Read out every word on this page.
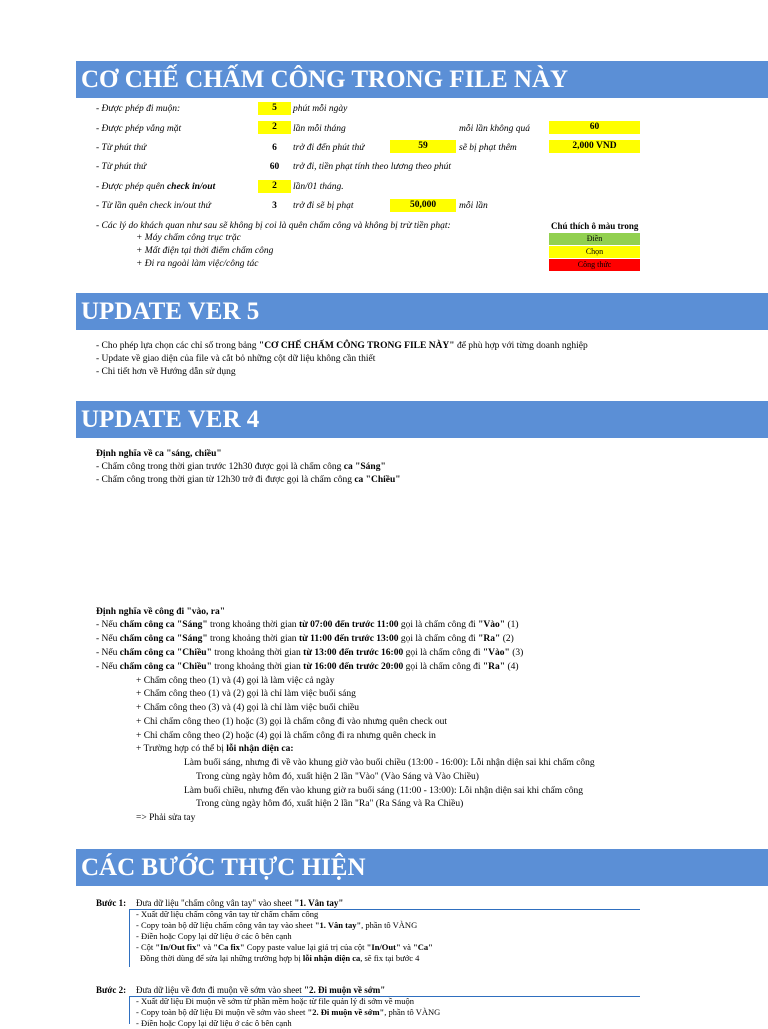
CƠ CHẾ CHẤM CÔNG TRONG FILE NÀY
- Được phép đi muộn:	5	phút mỗi ngày
- Được phép vắng mặt	2	lần mỗi tháng	mỗi lần không quá	60
- Từ phút thứ	6	trở đi đến phút thứ	59	sẽ bị phạt thêm	2,000 VND
- Từ phút thứ	60	trở đi, tiền phạt tính theo lương theo phút
- Được phép quên check in/out	2	lần/01 tháng.
- Từ lần quên check in/out thứ	3	trở đi sẽ bị phạt	50,000	mỗi lần
- Các lý do khách quan như sau sẽ không bị coi là quên chấm công và không bị trừ tiền phạt:
+ Máy chấm công trục trặc
+ Mất điện tại thời điểm chấm công
+ Đi ra ngoài làm việc/công tác
Chú thích ô màu trong
Điền
Chọn
Công thức
UPDATE VER 5
- Cho phép lựa chọn các chỉ số trong bảng "CƠ CHẾ CHẤM CÔNG TRONG FILE NÀY" để phù hợp với từng doanh nghiệp
- Update về giao diện của file và cắt bỏ những cột dữ liệu không cần thiết
- Chi tiết hơn về Hướng dẫn sử dụng
UPDATE VER 4
Định nghĩa về ca "sáng, chiều"
- Chấm công trong thời gian trước 12h30 được gọi là chấm công ca "Sáng"
- Chấm công trong thời gian từ 12h30 trở đi được gọi là chấm công ca "Chiều"
Định nghĩa về công đi "vào, ra"
- Nếu chấm công ca "Sáng" trong khoảng thời gian từ 07:00 đến trước 11:00 gọi là chấm công đi "Vào" (1)
- Nếu chấm công ca "Sáng" trong khoảng thời gian từ 11:00 đến trước 13:00 gọi là chấm công đi "Ra" (2)
- Nếu chấm công ca "Chiều" trong khoảng thời gian từ 13:00 đến trước 16:00 gọi là chấm công đi "Vào" (3)
- Nếu chấm công ca "Chiều" trong khoảng thời gian từ 16:00 đến trước 20:00 gọi là chấm công đi "Ra" (4)
+ Chấm công theo (1) và (4) gọi là làm việc cả ngày
+ Chấm công theo (1) và (2) gọi là chỉ làm việc buổi sáng
+ Chấm công theo (3) và (4) gọi là chỉ làm việc buổi chiều
+ Chỉ chấm công theo (1) hoặc (3) gọi là chấm công đi vào nhưng quên check out
+ Chỉ chấm công theo (2) hoặc (4) gọi là chấm công đi ra nhưng quên check in
+ Trường hợp có thể bị lỗi nhận diện ca:
Làm buổi sáng, nhưng đi về vào khung giờ vào buổi chiều (13:00 - 16:00): Lỗi nhận diện sai khi chấm công
Trong cùng ngày hôm đó, xuất hiện 2 lần "Vào" (Vào Sáng và Vào Chiều)
Làm buổi chiều, nhưng đến vào khung giờ ra buổi sáng (11:00 - 13:00): Lỗi nhận diện sai khi chấm công
Trong cùng ngày hôm đó, xuất hiện 2 lần "Ra" (Ra Sáng và Ra Chiều)
=> Phải sửa tay
CÁC BƯỚC THỰC HIỆN
Bước 1: Đưa dữ liệu "chấm công vân tay" vào sheet "1. Vân tay"
- Xuất dữ liệu chấm công vân tay từ chấm chấm công
- Copy toàn bộ dữ liệu chấm công vân tay vào sheet "1. Vân tay", phần tô VÀNG
- Điền hoặc Copy lại dữ liệu ở các ô bên cạnh
- Cột "In/Out fix" và "Ca fix" Copy paste value lại giá trị của cột "In/Out" và "Ca"
Đồng thời dùng để sửa lại những trường hợp bị lỗi nhận diện ca, sẽ fix tại bước 4
Bước 2: Đưa dữ liệu về đơn đi muộn về sớm vào sheet "2. Đi muộn về sớm"
- Xuất dữ liệu Đi muộn về sớm từ phần mềm hoặc từ file quản lý đi sớm về muộn
- Copy toàn bộ dữ liệu Đi muộn về sớm vào sheet "2. Đi muộn về sớm", phần tô VÀNG
- Điền hoặc Copy lại dữ liệu ở các ô bên cạnh
